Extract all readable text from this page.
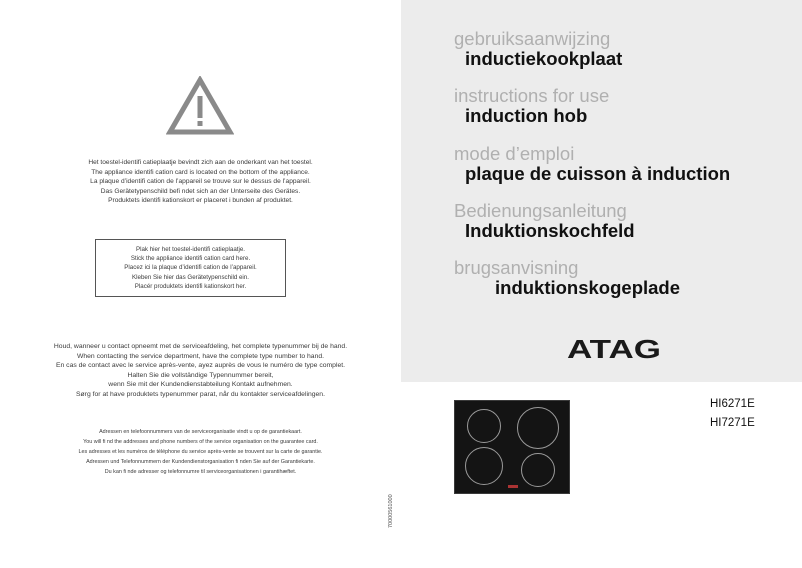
Het toestel-identifi catieplaatje bevindt zich aan de onderkant van het toestel.
The appliance identifi cation card is located on the bottom of the appliance.
La plaque d’identifi cation de l’appareil se trouve sur le dessus de l’appareil.
Das Gerätetypenschild befi ndet sich an der Unterseite des Gerätes.
Produktets identifi kationskort er placeret i bunden af produktet.
Plak hier het toestel-identifi catieplaatje.
Stick the appliance identifi cation card here.
Placez ici la plaque d’identifi cation de l’appareil.
Kleben Sie hier das Gerätetypenschild ein.
Placér produktets identifi kationskort her.
Houd, wanneer u contact opneemt met de serviceafdeling, het complete typenummer bij de hand.
When contacting the service department, have the complete type number to hand.
En cas de contact avec le service après-vente, ayez auprès de vous le numéro de type complet.
Halten Sie die vollständige Typennummer bereit,
wenn Sie mit der Kundendienstabteilung Kontakt aufnehmen.
Sørg for at have produktets typenummer parat, når du kontakter serviceafdelingen.
Adressen en telefoonnummers van de serviceorganisatie vindt u op de garantiekaart.
You will fi nd the addresses and phone numbers of the service organisation on the guarantee card.
Les adresses et les numéros de téléphone du service après-vente se trouvent sur la carte de garantie.
Adressen und Telefonnummern der Kundendienstorganisation fi nden Sie auf der Garantiekarte.
Du kan fi nde adresser og telefonnumre til serviceorganisationen i garantihæftet.
70000561000
gebruiksaanwijzing
inductiekookplaat
instructions for use
induction hob
mode d’emploi
plaque de cuisson à induction
Bedienungsanleitung
Induktionskochfeld
brugsanvisning
induktionskogeplade
ATAG
HI6271E
HI7271E
